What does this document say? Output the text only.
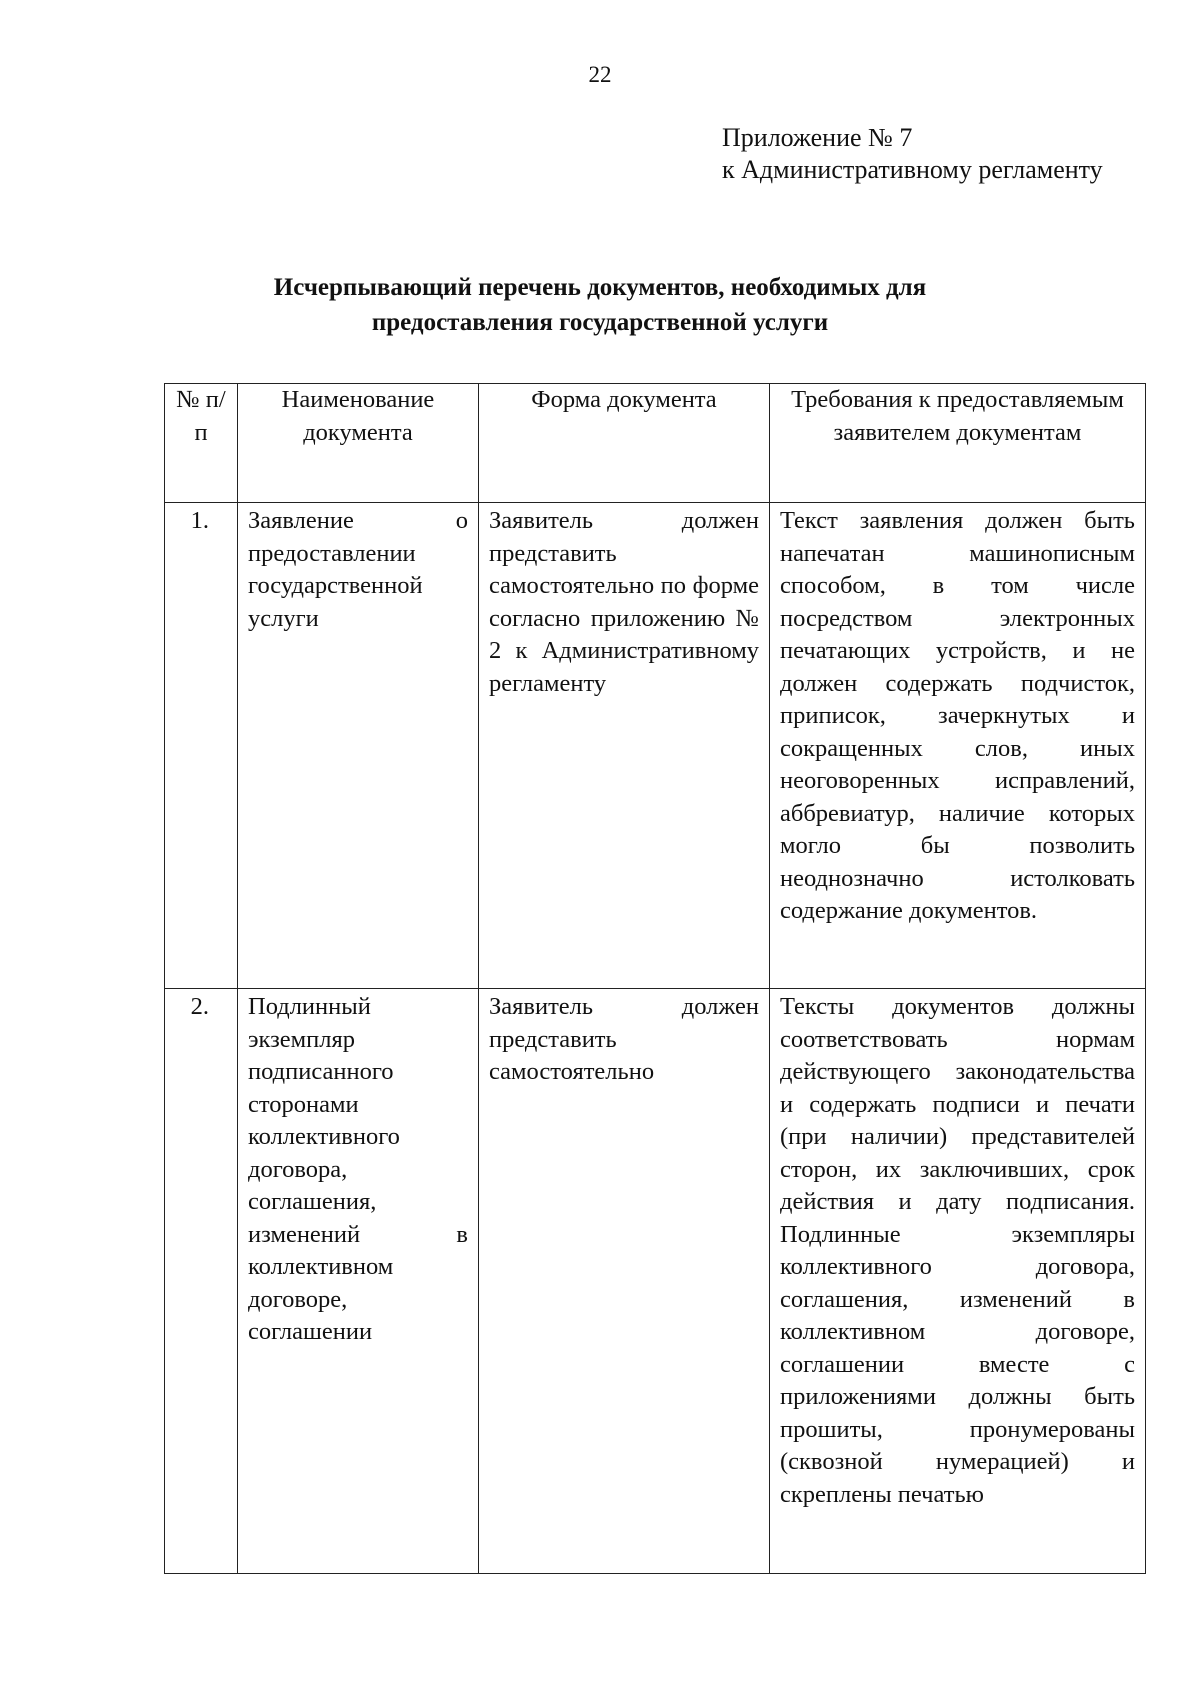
22
Приложение № 7
к Административному регламенту
Исчерпывающий перечень документов, необходимых для
предоставления государственной услуги
№ п/п	Наименование документа	Форма документа	Требования к предоставляемым заявителем документам
1.	Заявление о предоставлении государственной услуги	Заявитель должен представить самостоятельно по форме согласно приложению № 2 к Административному регламенту	Текст заявления должен быть напечатан машинописным способом, в том числе посредством электронных печатающих устройств, и не должен содержать подчисток, приписок, зачеркнутых и сокращенных слов, иных неоговоренных исправлений, аббревиатур, наличие которых могло бы позволить неоднозначно истолковать содержание документов.
2.	Подлинный экземпляр подписанного сторонами коллективного договора, соглашения, изменений в коллективном договоре, соглашении	Заявитель должен представить самостоятельно	Тексты документов должны соответствовать нормам действующего законодательства и содержать подписи и печати (при наличии) представителей сторон, их заключивших, срок действия и дату подписания. Подлинные экземпляры коллективного договора, соглашения, изменений в коллективном договоре, соглашении вместе с приложениями должны быть прошиты, пронумерованы (сквозной нумерацией) и скреплены печатью
